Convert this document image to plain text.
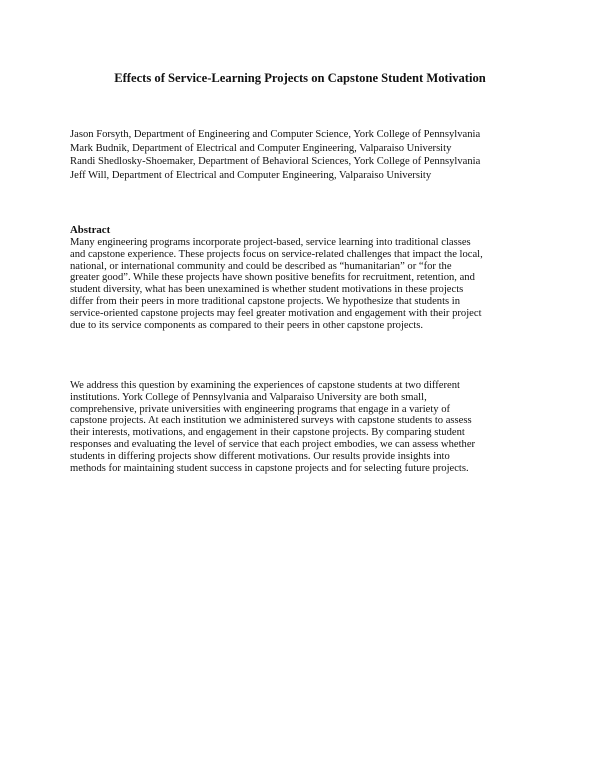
Effects of Service-Learning Projects on Capstone Student Motivation
Jason Forsyth, Department of Engineering and Computer Science, York College of Pennsylvania
Mark Budnik, Department of Electrical and Computer Engineering, Valparaiso University
Randi Shedlosky-Shoemaker, Department of Behavioral Sciences, York College of Pennsylvania
Jeff Will, Department of Electrical and Computer Engineering, Valparaiso University
Abstract

Many engineering programs incorporate project-based, service learning into traditional classes
and capstone experience. These projects focus on service-related challenges that impact the local,
national, or international community and could be described as “humanitarian” or “for the
greater good”. While these projects have shown positive benefits for recruitment, retention, and
student diversity, what has been unexamined is whether student motivations in these projects
differ from their peers in more traditional capstone projects. We hypothesize that students in
service-oriented capstone projects may feel greater motivation and engagement with their project
due to its service components as compared to their peers in other capstone projects.

We address this question by examining the experiences of capstone students at two different
institutions. York College of Pennsylvania and Valparaiso University are both small,
comprehensive, private universities with engineering programs that engage in a variety of
capstone projects. At each institution we administered surveys with capstone students to assess
their interests, motivations, and engagement in their capstone projects. By comparing student
responses and evaluating the level of service that each project embodies, we can assess whether
students in differing projects show different motivations. Our results provide insights into
methods for maintaining student success in capstone projects and for selecting future projects.
